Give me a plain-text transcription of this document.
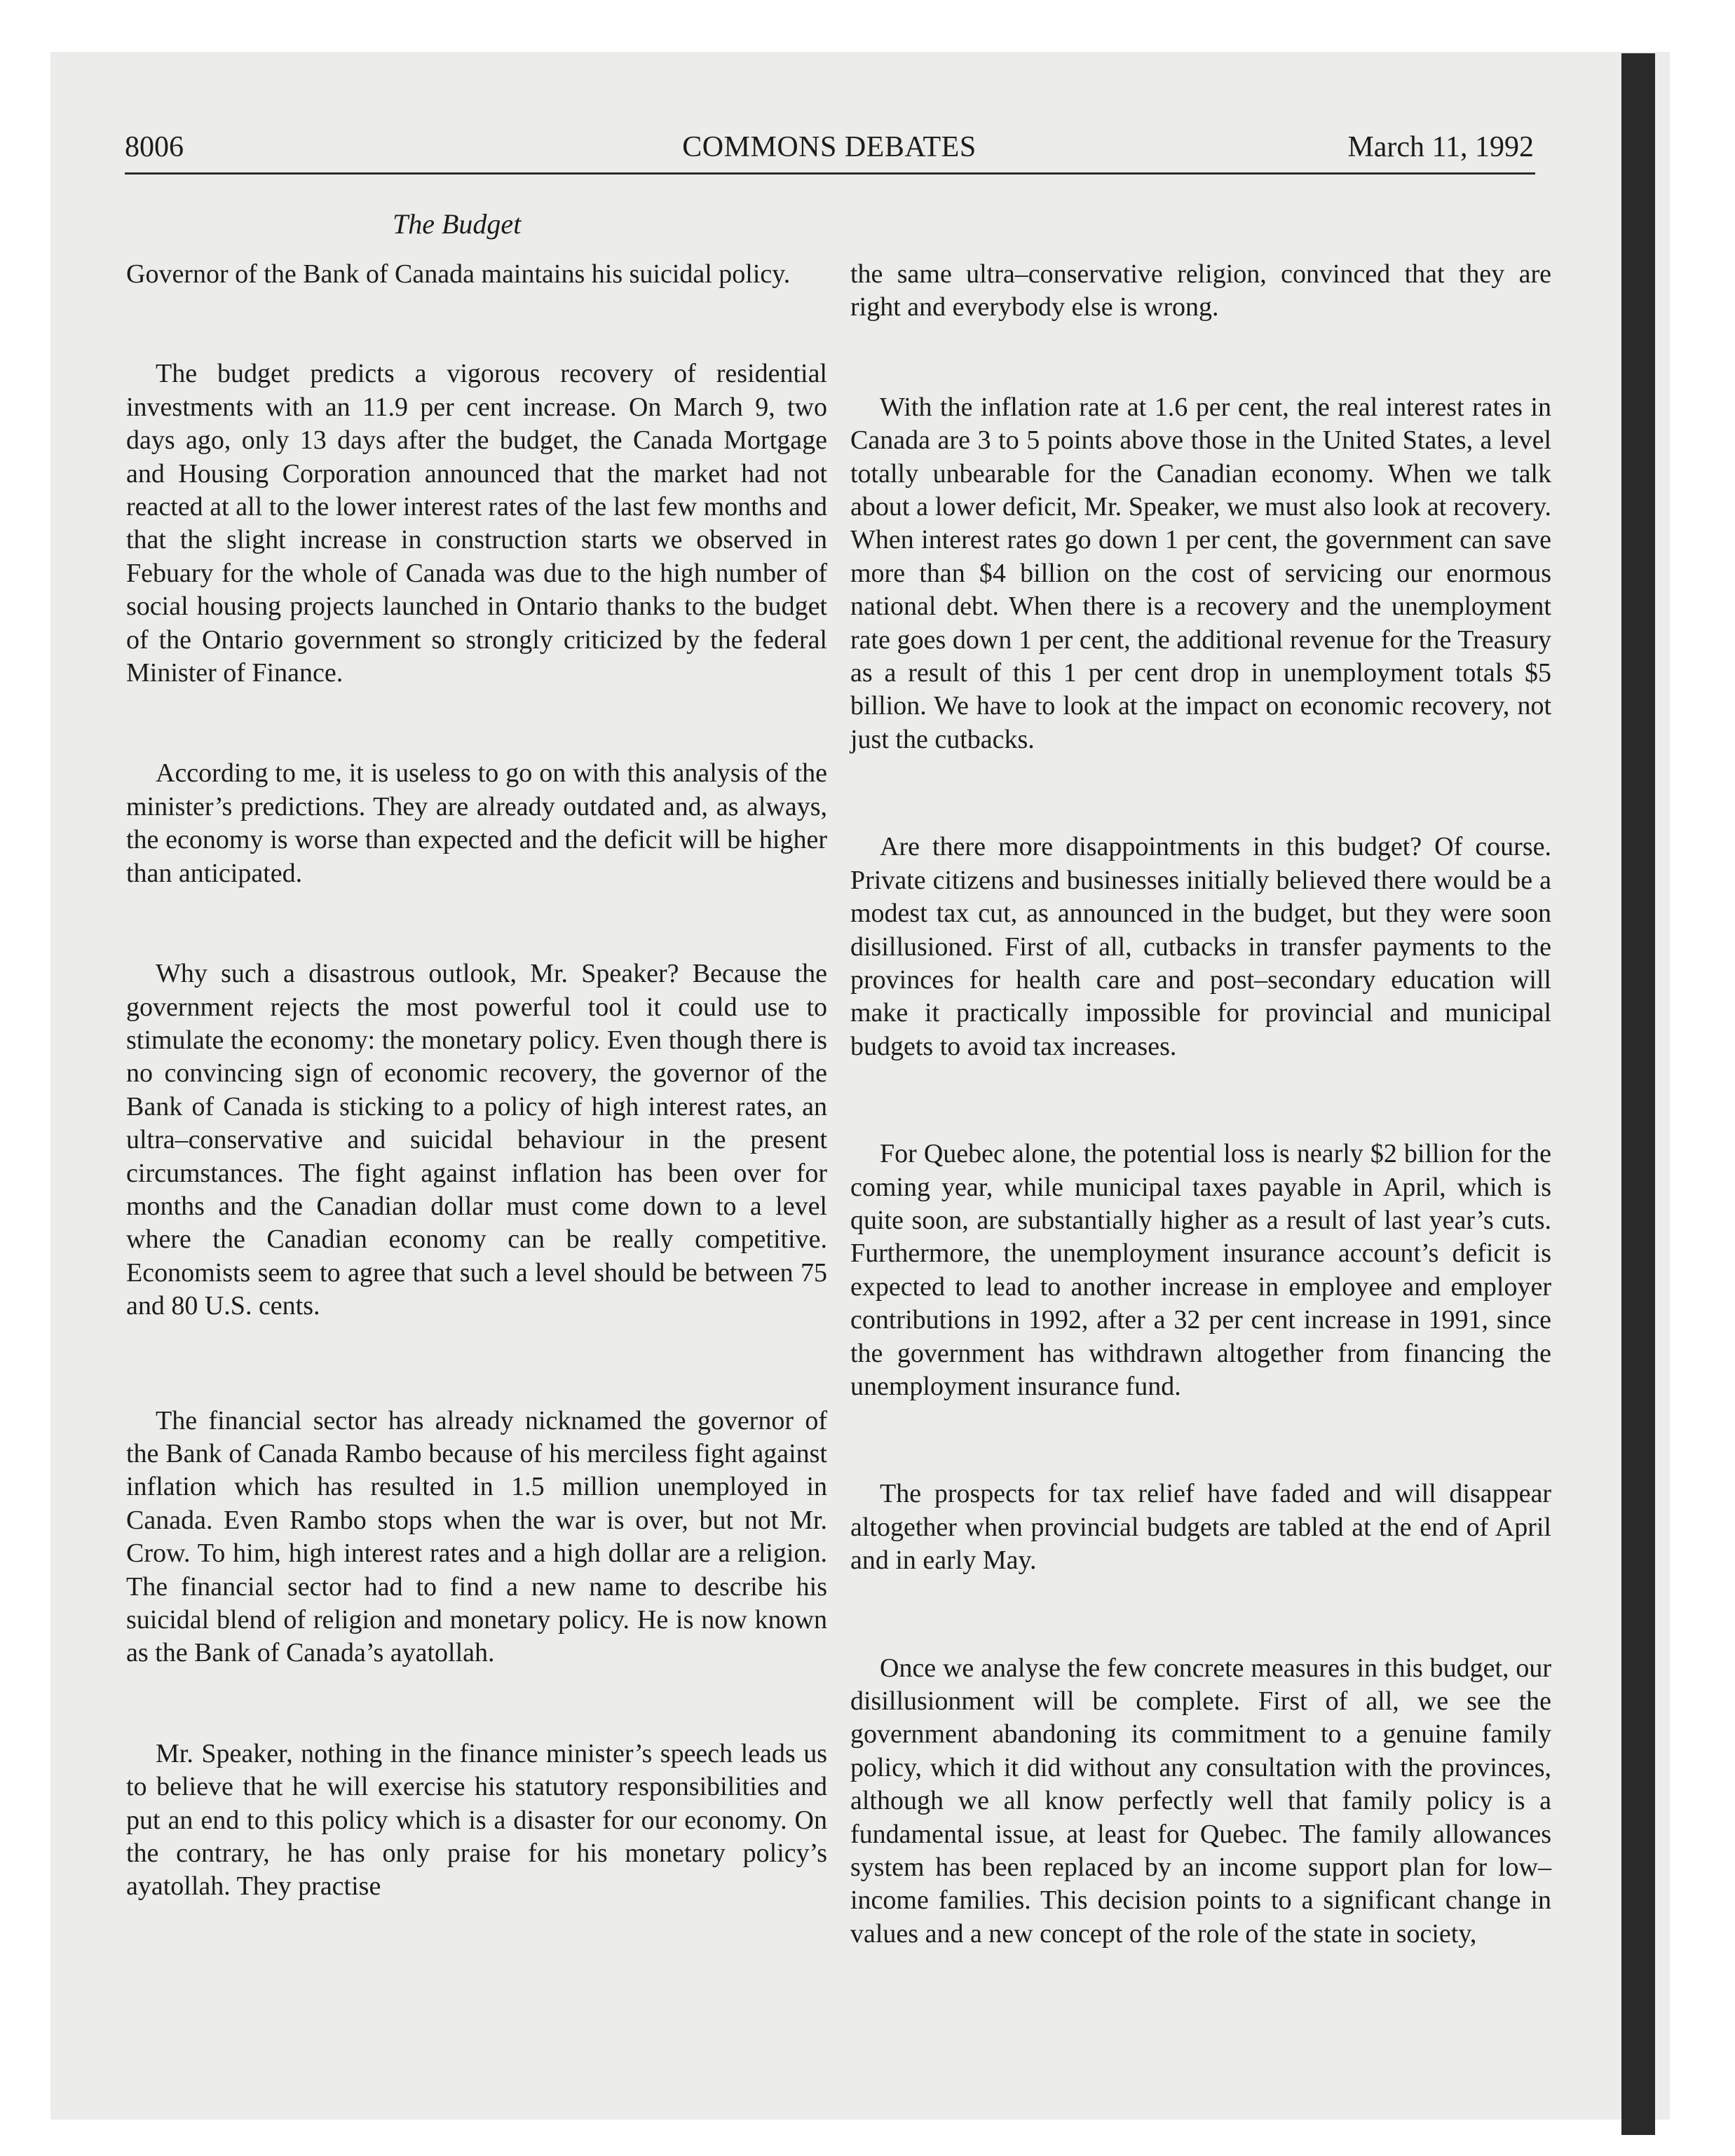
8006	COMMONS DEBATES	March 11, 1992
The Budget

Governor of the Bank of Canada maintains his suicidal policy.

The budget predicts a vigorous recovery of residential investments with an 11.9 per cent increase. On March 9, two days ago, only 13 days after the budget, the Canada Mortgage and Housing Corporation announced that the market had not reacted at all to the lower interest rates of the last few months and that the slight increase in construction starts we observed in Febuary for the whole of Canada was due to the high number of social housing projects launched in Ontario thanks to the budget of the Ontario government so strongly criticized by the federal Minister of Finance.

According to me, it is useless to go on with this analysis of the minister’s predictions. They are already outdated and, as always, the economy is worse than expected and the deficit will be higher than anticipated.

Why such a disastrous outlook, Mr. Speaker? Because the government rejects the most powerful tool it could use to stimulate the economy: the monetary policy. Even though there is no convincing sign of economic recovery, the governor of the Bank of Canada is sticking to a policy of high interest rates, an ultra–conservative and suicidal behaviour in the present circumstances. The fight against inflation has been over for months and the Canadian dollar must come down to a level where the Canadian economy can be really competitive. Economists seem to agree that such a level should be between 75 and 80 U.S. cents.

The financial sector has already nicknamed the governor of the Bank of Canada Rambo because of his merciless fight against inflation which has resulted in 1.5 million unemployed in Canada. Even Rambo stops when the war is over, but not Mr. Crow. To him, high interest rates and a high dollar are a religion. The financial sector had to find a new name to describe his suicidal blend of religion and monetary policy. He is now known as the Bank of Canada’s ayatollah.

Mr. Speaker, nothing in the finance minister’s speech leads us to believe that he will exercise his statutory responsibilities and put an end to this policy which is a disaster for our economy. On the contrary, he has only praise for his monetary policy’s ayatollah. They practise

the same ultra–conservative religion, convinced that they are right and everybody else is wrong.

With the inflation rate at 1.6 per cent, the real interest rates in Canada are 3 to 5 points above those in the United States, a level totally unbearable for the Canadian economy. When we talk about a lower deficit, Mr. Speaker, we must also look at recovery. When interest rates go down 1 per cent, the government can save more than $4 billion on the cost of servicing our enormous national debt. When there is a recovery and the unemployment rate goes down 1 per cent, the additional revenue for the Treasury as a result of this 1 per cent drop in unemployment totals $5 billion. We have to look at the impact on economic recovery, not just the cutbacks.

Are there more disappointments in this budget? Of course. Private citizens and businesses initially believed there would be a modest tax cut, as announced in the budget, but they were soon disillusioned. First of all, cutbacks in transfer payments to the provinces for health care and post–secondary education will make it practically impossible for provincial and municipal budgets to avoid tax increases.

For Quebec alone, the potential loss is nearly $2 billion for the coming year, while municipal taxes payable in April, which is quite soon, are substantially higher as a result of last year’s cuts. Furthermore, the unemployment insurance account’s deficit is expected to lead to another increase in employee and employer contributions in 1992, after a 32 per cent increase in 1991, since the government has withdrawn altogether from financing the unemployment insurance fund.

The prospects for tax relief have faded and will disappear altogether when provincial budgets are tabled at the end of April and in early May.

Once we analyse the few concrete measures in this budget, our disillusionment will be complete. First of all, we see the government abandoning its commitment to a genuine family policy, which it did without any consultation with the provinces, although we all know perfectly well that family policy is a fundamental issue, at least for Quebec. The family allowances system has been replaced by an income support plan for low–income families. This decision points to a significant change in values and a new concept of the role of the state in society,
